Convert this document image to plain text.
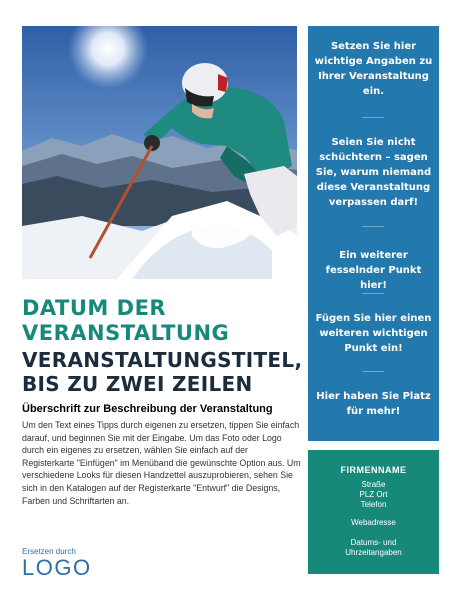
DATUM DER
VERANSTALTUNG
VERANSTALTUNGSTITEL,
BIS ZU ZWEI ZEILEN
Überschrift zur Beschreibung der Veranstaltung
Um den Text eines Tipps durch eigenen zu ersetzen, tippen Sie einfach darauf, und beginnen Sie mit der Eingabe. Um das Foto oder Logo durch ein eigenes zu ersetzen, wählen Sie einfach auf der Registerkarte "Einfügen" im Menüband die gewünschte Option aus. Um verschiedene Looks für diesen Handzettel auszuprobieren, sehen Sie sich in den Katalogen auf der Registerkarte "Entwurf" die Designs, Farben und Schriftarten an.
Ersetzen durch
LOGO
Setzen Sie hier
wichtige Angaben zu
Ihrer Veranstaltung
ein.
Seien Sie nicht
schüchtern – sagen
Sie, warum niemand
diese Veranstaltung
verpassen darf!
Ein weiterer
fesselnder Punkt hier!
Fügen Sie hier einen
weiteren wichtigen
Punkt ein!
Hier haben Sie Platz
für mehr!
FIRMENNAME
Straße
PLZ Ort
Telefon
Webadresse
Datums- und
Uhrzeitangaben
